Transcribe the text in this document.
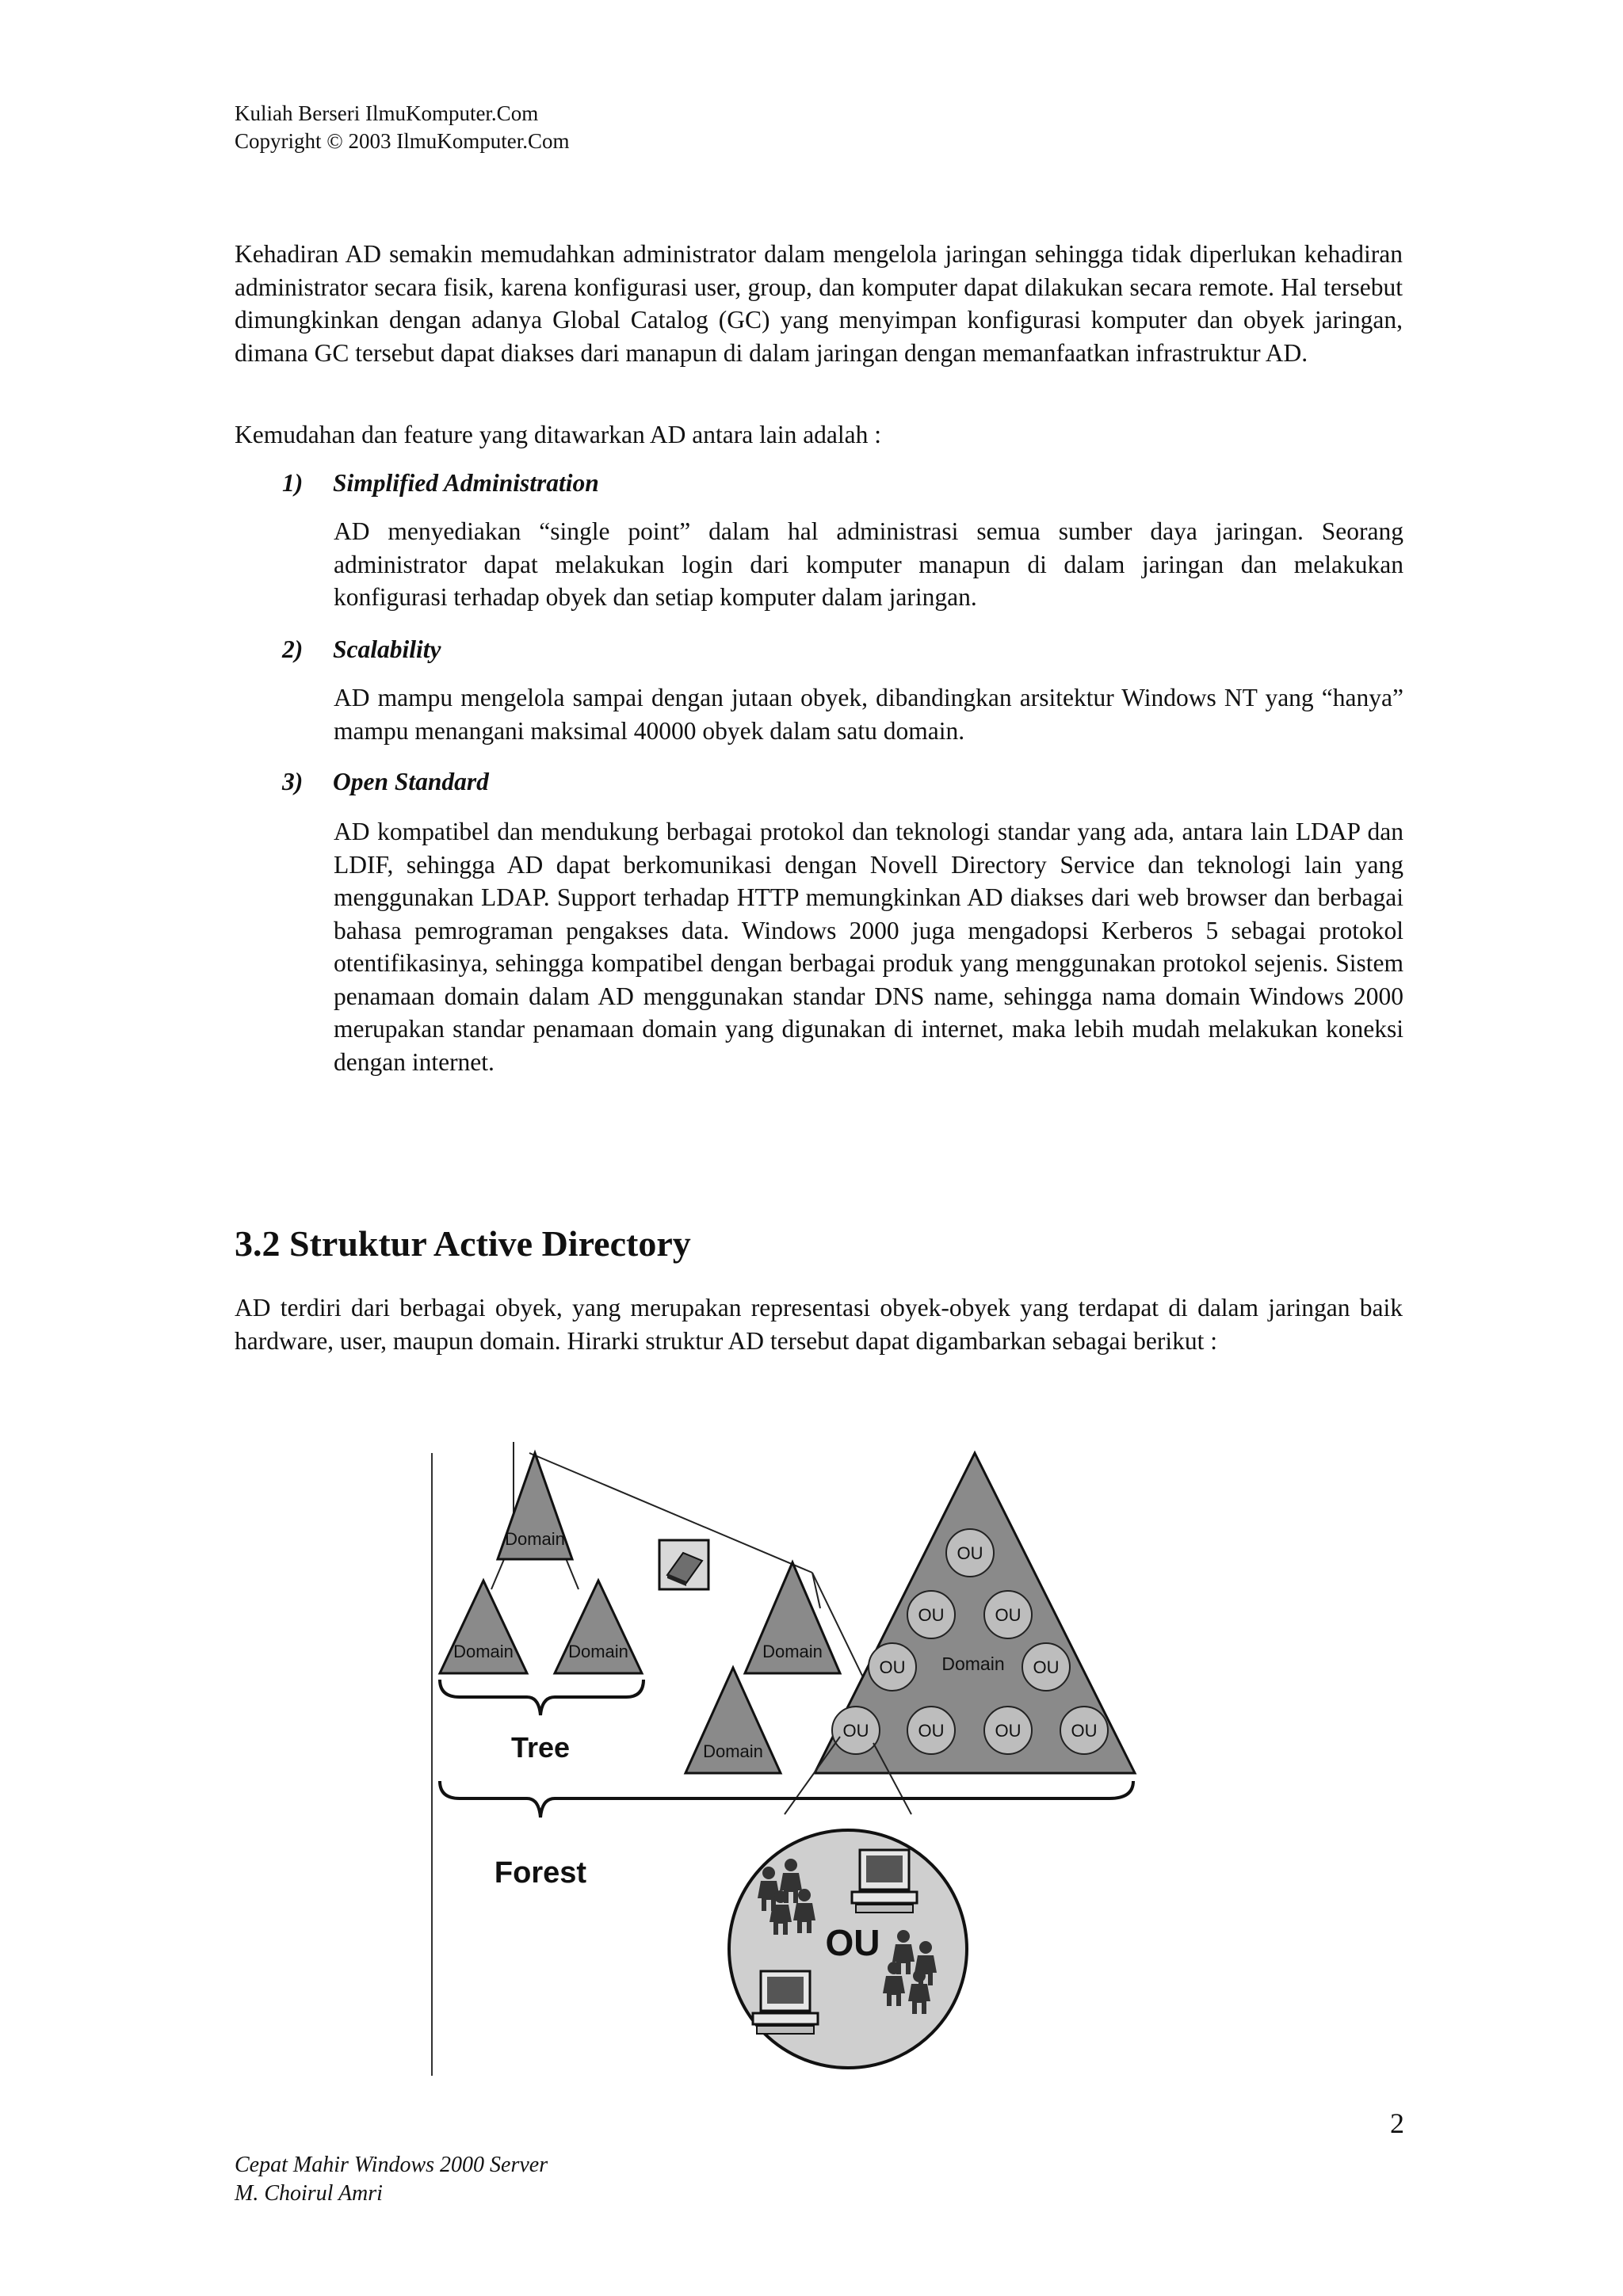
Kuliah Berseri IlmuKomputer.Com
Copyright © 2003 IlmuKomputer.Com

Kehadiran AD semakin memudahkan administrator dalam mengelola jaringan sehingga tidak diperlukan kehadiran administrator secara fisik, karena konfigurasi user, group, dan komputer dapat dilakukan secara remote. Hal tersebut dimungkinkan dengan adanya Global Catalog (GC) yang menyimpan konfigurasi komputer dan obyek jaringan, dimana GC tersebut dapat diakses dari manapun di dalam jaringan dengan memanfaatkan infrastruktur AD.

Kemudahan dan feature yang ditawarkan AD antara lain adalah :

1) Simplified Administration
AD menyediakan “single point” dalam hal administrasi semua sumber daya jaringan. Seorang administrator dapat melakukan login dari komputer manapun di dalam jaringan dan melakukan konfigurasi terhadap obyek dan setiap komputer dalam jaringan.
2) Scalability
AD mampu mengelola sampai dengan jutaan obyek, dibandingkan arsitektur Windows NT yang “hanya” mampu menangani maksimal 40000 obyek dalam satu domain.
3) Open Standard
AD kompatibel dan mendukung berbagai protokol dan teknologi standar yang ada, antara lain LDAP dan LDIF, sehingga AD dapat berkomunikasi dengan Novell Directory Service dan teknologi lain yang menggunakan LDAP. Support terhadap HTTP memungkinkan AD diakses dari web browser dan berbagai bahasa pemrograman pengakses data. Windows 2000 juga mengadopsi Kerberos 5 sebagai protokol otentifikasinya, sehingga kompatibel dengan berbagai produk yang menggunakan protokol sejenis. Sistem penamaan domain dalam AD menggunakan standar DNS name, sehingga nama domain Windows 2000 merupakan standar penamaan domain yang digunakan di internet, maka lebih mudah melakukan koneksi dengan internet.
3.2 Struktur Active Directory

AD terdiri dari berbagai obyek, yang merupakan representasi obyek-obyek yang terdapat di dalam jaringan baik hardware, user, maupun domain. Hirarki struktur AD tersebut dapat digambarkan sebagai berikut :

Domain
Domain	Domain	Domain
Domain
Domain
OU
OU	OU
OU	OU
OU	OU	OU	OU
Tree
Forest
OU
Cepat Mahir Windows 2000 Server
M. Choirul Amri
2
